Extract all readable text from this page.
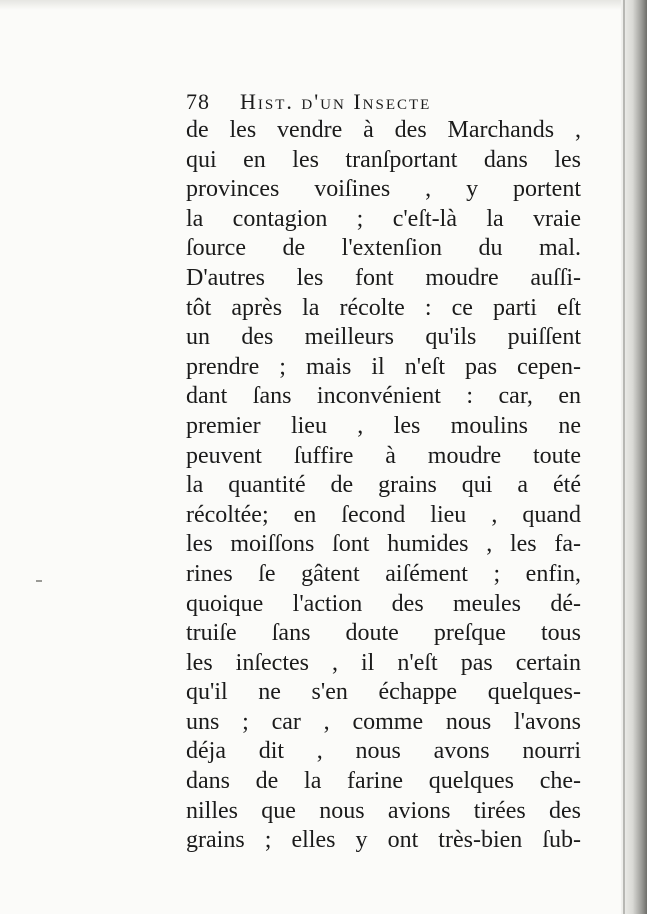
78 Hist. d'un Insecte
de les vendre à des Marchands ,
qui en les tranſportant dans les
provinces voiſines , y portent
la contagion ; c'eſt-là la vraie
ſource de l'extenſion du mal.
D'autres les font moudre auſſi-
tôt après la récolte : ce parti eſt
un des meilleurs qu'ils puiſſent
prendre ; mais il n'eſt pas cepen-
dant ſans inconvénient : car, en
premier lieu , les moulins ne
peuvent ſuffire à moudre toute
la quantité de grains qui a été
récoltée; en ſecond lieu , quand
les moiſſons ſont humides , les fa-
rines ſe gâtent aiſément ; enfin,
quoique l'action des meules dé-
truiſe ſans doute preſque tous
les inſectes , il n'eſt pas certain
qu'il ne s'en échappe quelques-
uns ; car , comme nous l'avons
déja dit , nous avons nourri
dans de la farine quelques che-
nilles que nous avions tirées des
grains ; elles y ont très-bien ſub-
